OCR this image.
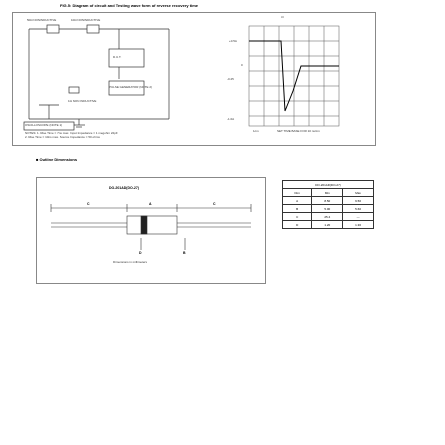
FIG.5: Diagram of circuit and Testing wave form of reverse recovery time
50Ω NONINDUCTIVE	10Ω NONINDUCTIVE
D.U.T.
PULSE GENERATOR (NOTE 2)
1Ω NON INDUCTIVE
OSCILLOSCOPE (NOTE 1)
NOTES: 1. Rise Time = 7ns max. Input Impedance = 1 megohm 22pF
2. Rise Time = 10ns max. Source Impedance = 50 ohms
trr
+0.5A
0
-0.25
-1.0A
1cm	SET TIME BASE FOR 10 ns/cm
■ Outline Dimensions
DO-201AD(DO-27)
C	A	C
D	B
Dimensions in millimeters
DO-201AD(DO-27)		
Dim	Min	Max
A	8.50	9.50
B	5.00	5.60
C	25.4	—
D	1.20	1.30
